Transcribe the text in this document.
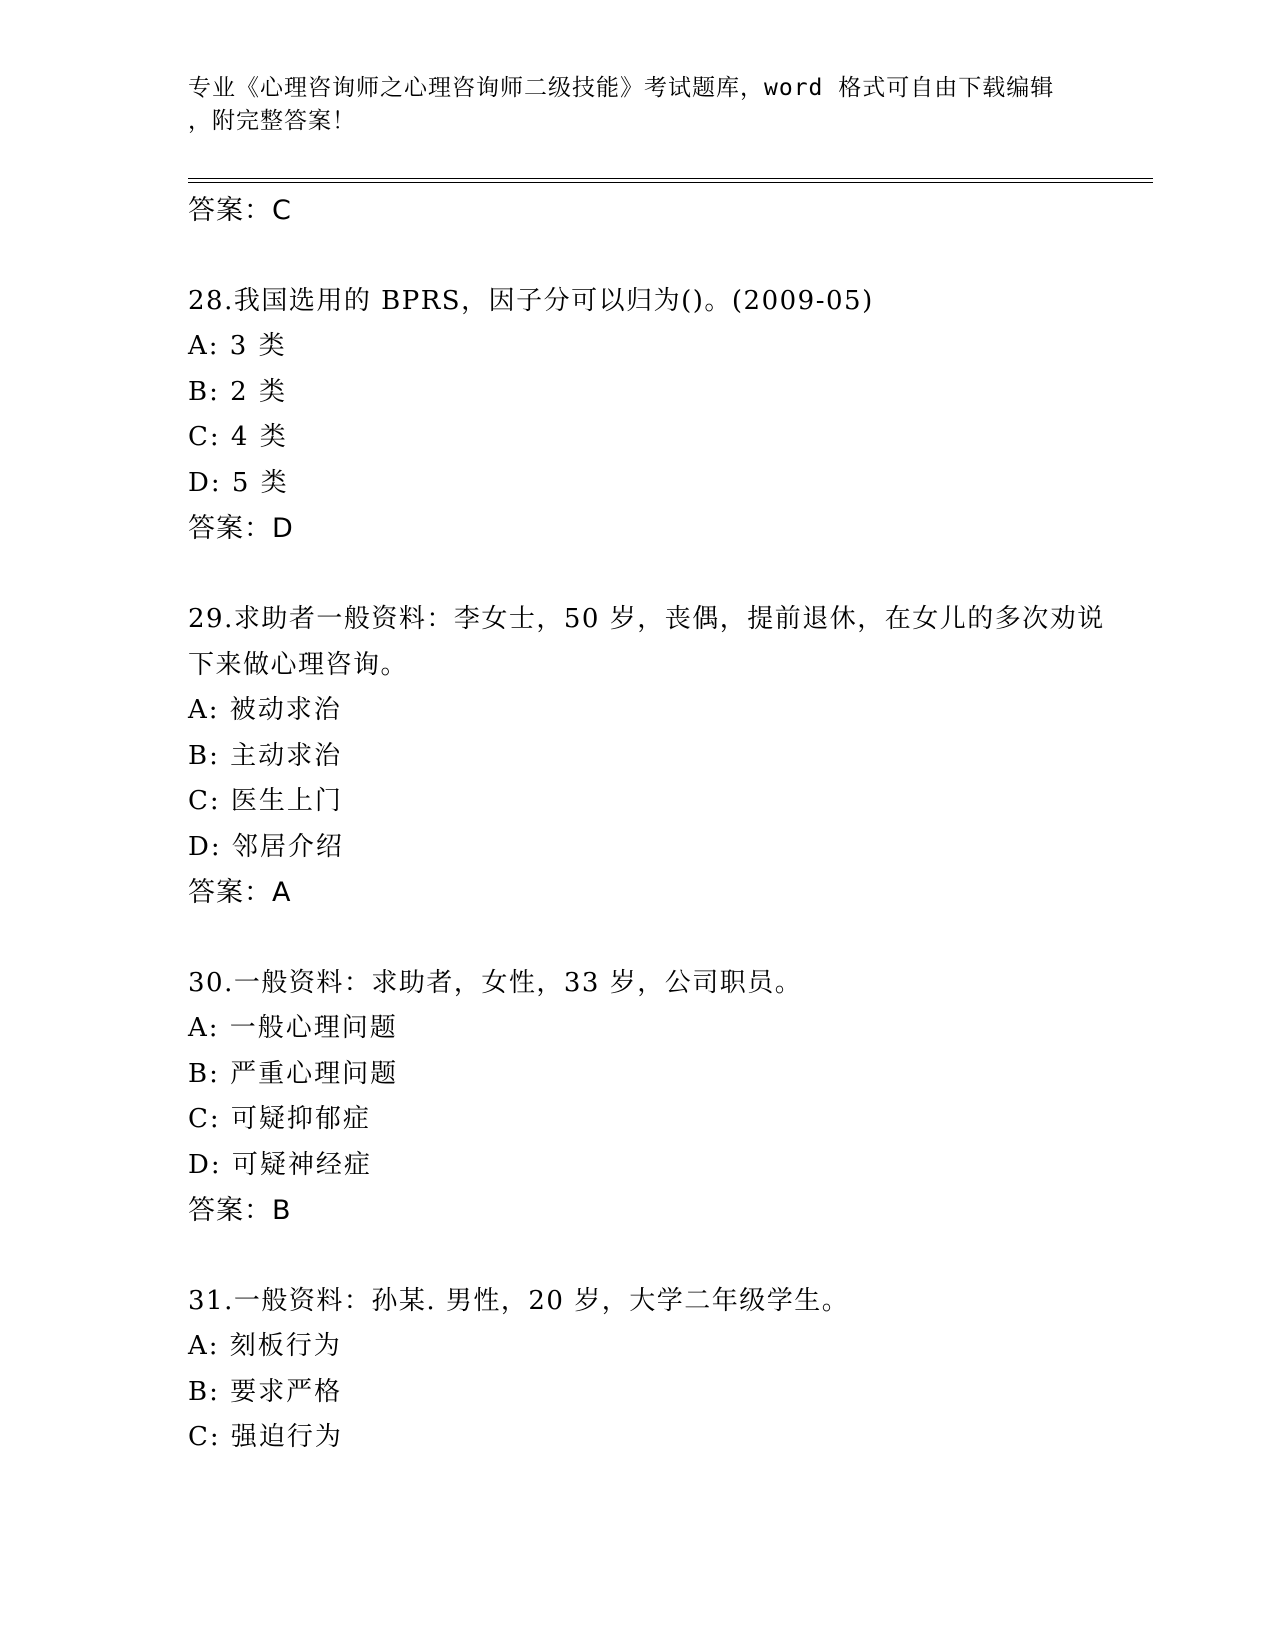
专业《心理咨询师之心理咨询师二级技能》考试题库，word 格式可自由下载编辑
，附完整答案！
答案：C
28.我国选用的 BPRS，因子分可以归为()。(2009-05)
A: 3 类
B: 2 类
C: 4 类
D: 5 类
答案：D
29.求助者一般资料：李女士，50 岁，丧偶，提前退休，在女儿的多次劝说下来做心理咨询。
A: 被动求治
B: 主动求治
C: 医生上门
D: 邻居介绍
答案：A
30.一般资料：求助者，女性，33 岁，公司职员。
A: 一般心理问题
B: 严重心理问题
C: 可疑抑郁症
D: 可疑神经症
答案：B
31.一般资料：孙某. 男性，20 岁，大学二年级学生。
A: 刻板行为
B: 要求严格
C: 强迫行为
